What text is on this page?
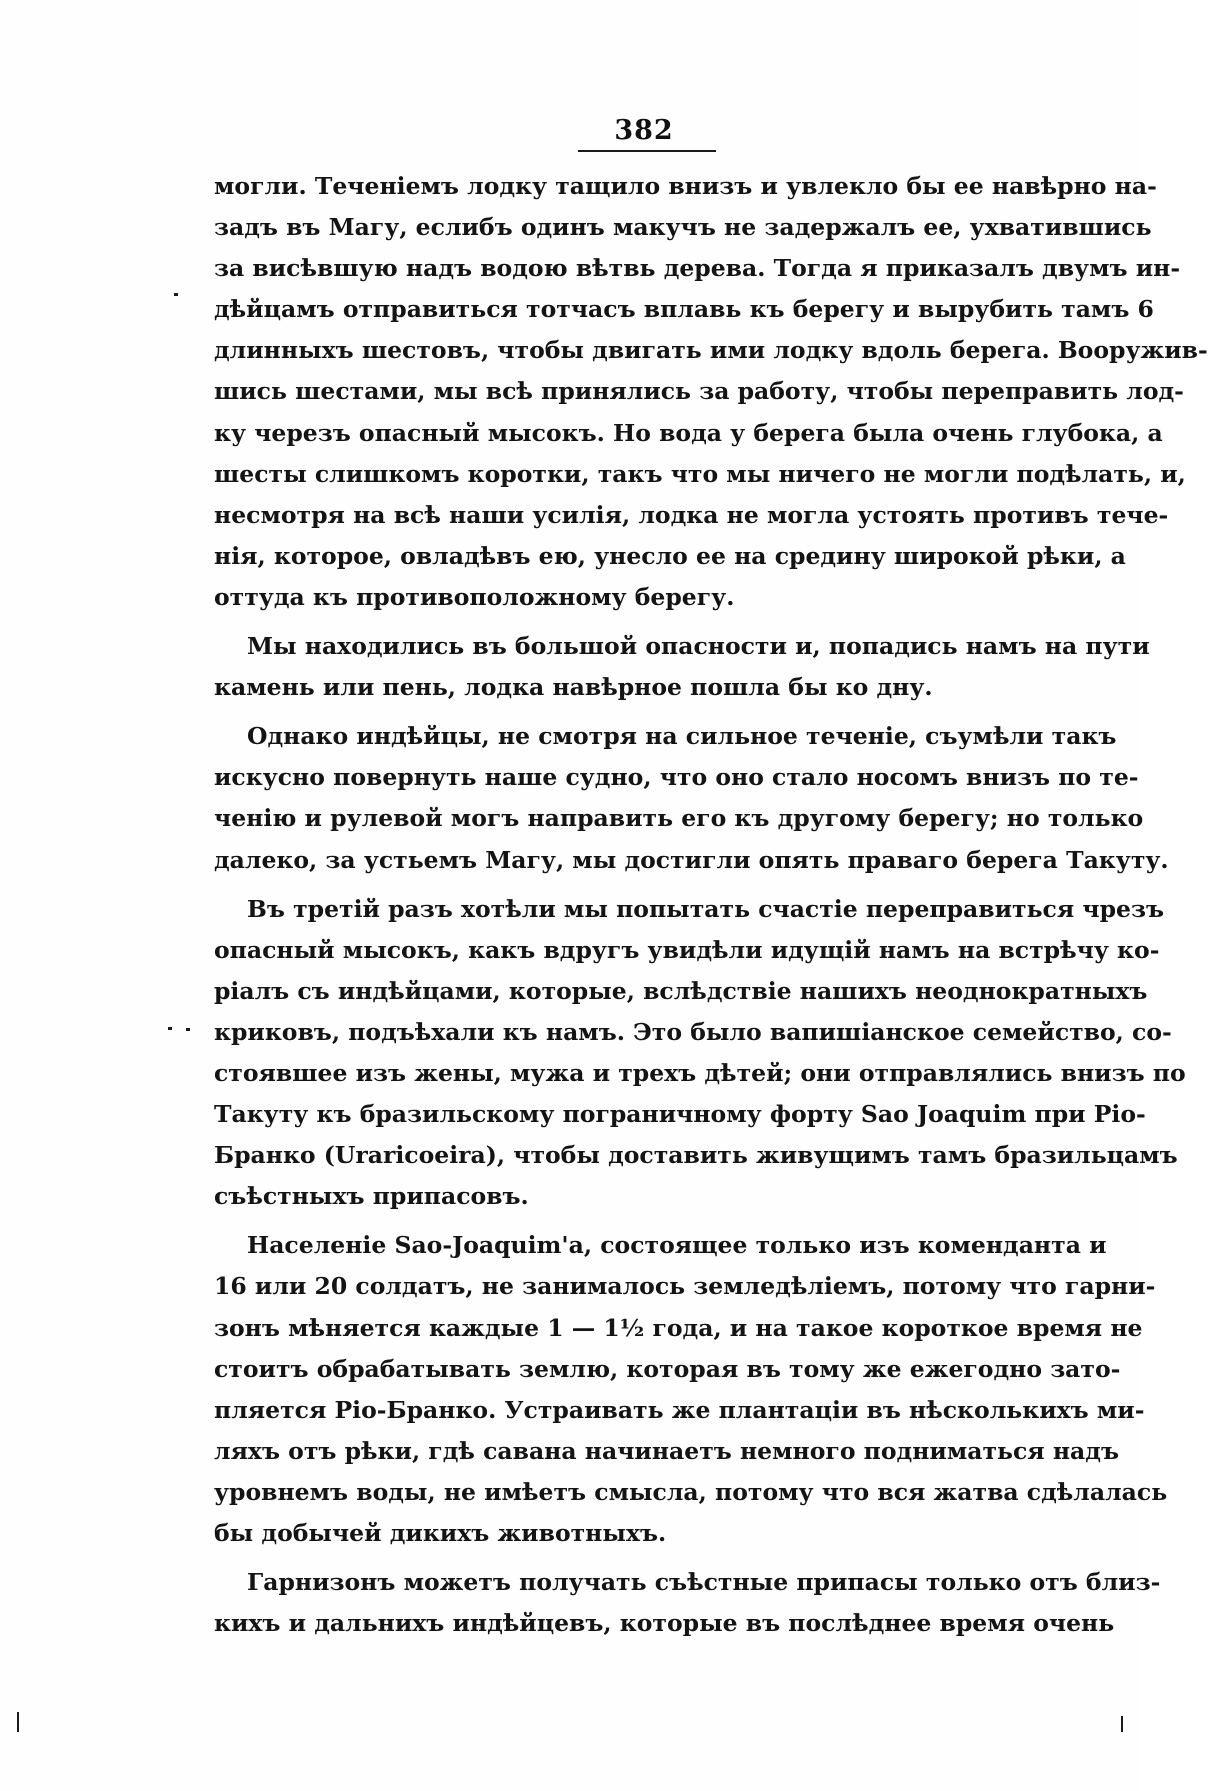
382
могли. Теченіемъ лодку тащило внизъ и увлекло бы ее навѣрно на-
задъ въ Магу, еслибъ одинъ макучъ не задержалъ ее, ухватившись
за висѣвшую надъ водою вѣтвь дерева. Тогда я приказалъ двумъ ин-
дѣйцамъ отправиться тотчасъ вплавь къ берегу и вырубить тамъ 6
длинныхъ шестовъ, чтобы двигать ими лодку вдоль берега. Вооружив-
шись шестами, мы всѣ принялись за работу, чтобы переправить лод-
ку черезъ опасный мысокъ. Но вода у берега была очень глубока, а
шесты слишкомъ коротки, такъ что мы ничего не могли подѣлать, и,
несмотря на всѣ наши усилія, лодка не могла устоять противъ тече-
нія, которое, овладѣвъ ею, унесло ее на средину широкой рѣки, а
оттуда къ противоположному берегу.
Мы находились въ большой опасности и, попадись намъ на пути
камень или пень, лодка навѣрное пошла бы ко дну.
Однако индѣйцы, не смотря на сильное теченіе, съумѣли такъ
искусно повернуть наше судно, что оно стало носомъ внизъ по те-
ченію и рулевой могъ направить его къ другому берегу; но только
далеко, за устьемъ Магу, мы достигли опять праваго берега Такуту.
Въ третій разъ хотѣли мы попытать счастіе переправиться чрезъ
опасный мысокъ, какъ вдругъ увидѣли идущій намъ на встрѣчу ко-
ріалъ съ индѣйцами, которые, вслѣдствіе нашихъ неоднократныхъ
криковъ, подъѣхали къ намъ. Это было вапишіанское семейство, со-
стоявшее изъ жены, мужа и трехъ дѣтей; они отправлялись внизъ по
Такуту къ бразильскому пограничному форту Sao Joaquim при Ріо-
Бранко (Uraricoeira), чтобы доставить живущимъ тамъ бразильцамъ
съѣстныхъ припасовъ.
Населеніе Sao-Joaquim'а, состоящее только изъ коменданта и
16 или 20 солдатъ, не занималось земледѣліемъ, потому что гарни-
зонъ мѣняется каждые 1 — 1½ года, и на такое короткое время не
стоитъ обрабатывать землю, которая въ тому же ежегодно зато-
пляется Ріо-Бранко. Устраивать же плантаціи въ нѣсколькихъ ми-
ляхъ отъ рѣки, гдѣ савана начинаетъ немного подниматься надъ
уровнемъ воды, не имѣетъ смысла, потому что вся жатва сдѣлалась
бы добычей дикихъ животныхъ.
Гарнизонъ можетъ получать съѣстные припасы только отъ близ-
кихъ и дальнихъ индѣйцевъ, которые въ послѣднее время очень
